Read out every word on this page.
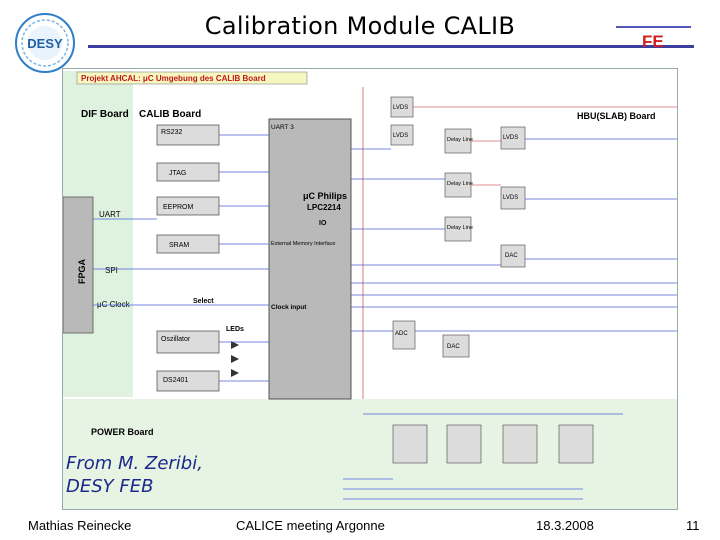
DESY
Calibration Module CALIB
FE
Projekt AHCAL: μC Umgebung des CALIB Board
DIF Board CALIB Board	HBU(SLAB) Board
FPGA
UART
SPI
μC Clock
RS232
JTAG
EEPROM
SRAM
Select
LEDs
Oszillator
DS2401
UART 3
μC Philips
LPC2214
External Memory Interface
Clock input
IO
LVDS
LVDS
Delay Line
Delay Line
Delay Line
LVDS
LVDS
DAC
ADC
DAC
POWER Board
From M. Zeribi,
DESY FEB
Mathias Reinecke	CALICE meeting Argonne	18.3.2008	11
